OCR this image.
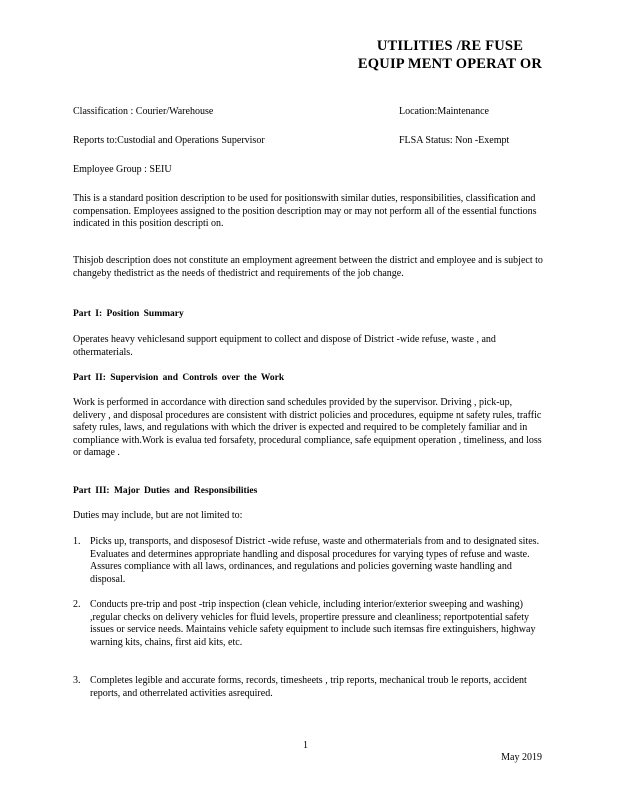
UTILITIES /RE FUSE
EQUIP MENT OPERAT OR
Classification : Courier/Warehouse	Location:Maintenance
Reports to:Custodial and Operations Supervisor	FLSA Status: Non -Exempt
Employee Group : SEIU
This is a standard position description to be used for positionswith similar duties, responsibilities, classification and compensation. Employees assigned to the position description may or may not perform all of the essential functions indicated in this position descripti on.
Thisjob description does not constitute an employment agreement between the district and employee and is subject to changeby thedistrict as the needs of thedistrict and requirements of the job change.
Part I: Position Summary
Operates heavy vehiclesand support equipment to collect and dispose of District -wide refuse, waste , and othermaterials.
Part II: Supervision and Controls over the Work
Work is performed in accordance with direction sand schedules provided by the supervisor. Driving , pick-up, delivery , and disposal procedures are consistent with district policies and procedures, equipme nt safety rules, traffic safety rules, laws, and regulations with which the driver is expected and required to be completely familiar and in compliance with.Work is evalua ted forsafety, procedural compliance, safe equipment operation , timeliness, and loss or damage .
Part III: Major Duties and Responsibilities
Duties may include, but are not limited to:
1. Picks up, transports, and disposesof District -wide refuse, waste and othermaterials from and to designated sites. Evaluates and determines appropriate handling and disposal procedures for varying types of refuse and waste. Assures compliance with all laws, ordinances, and regulations and policies governing waste handling and disposal.
2. Conducts pre-trip and post -trip inspection (clean vehicle, including interior/exterior sweeping and washing) ,regular checks on delivery vehicles for fluid levels, propertire pressure and cleanliness; reportpotential safety issues or service needs. Maintains vehicle safety equipment to include such itemsas fire extinguishers, highway warning kits, chains, first aid kits, etc.
3. Completes legible and accurate forms, records, timesheets , trip reports, mechanical troub le reports, accident reports, and otherrelated activities asrequired.
1
May 2019
